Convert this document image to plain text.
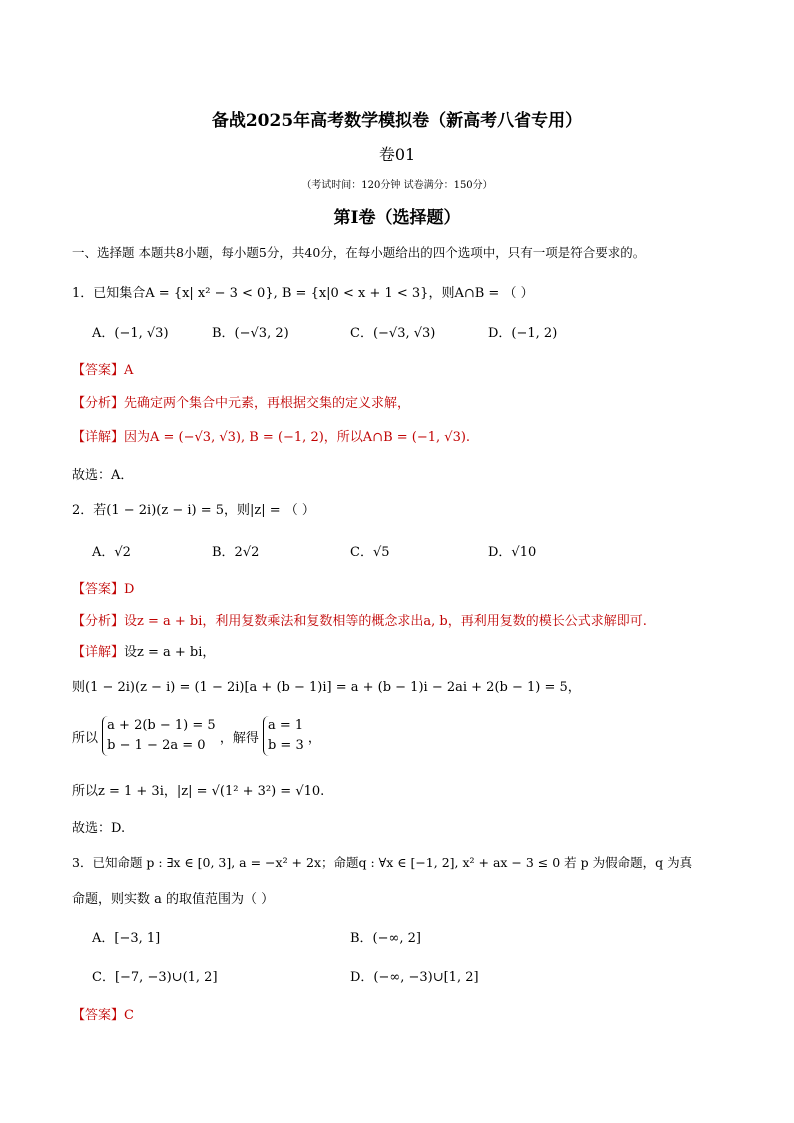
备战2025年高考数学模拟卷（新高考八省专用）
卷01
（考试时间：120分钟 试卷满分：150分）
第I卷（选择题）
一、选择题 本题共8小题，每小题5分，共40分，在每小题给出的四个选项中，只有一项是符合要求的。
1．已知集合A = {x| x² − 3 < 0}, B = {x|0 < x + 1 < 3}，则A∩B = （ ）
A．(−1, √3)	B．(−√3, 2)	C．(−√3, √3)	D．(−1, 2)
【答案】A
【分析】先确定两个集合中元素，再根据交集的定义求解，
【详解】因为A = (−√3, √3), B = (−1, 2)，所以A∩B = (−1, √3).
故选：A．
2．若(1 − 2i)(z − i) = 5，则|z| = （ ）
A．√2	B．2√2	C．√5	D．√10
【答案】D
【分析】设z = a + bi，利用复数乘法和复数相等的概念求出a, b，再利用复数的模长公式求解即可.
【详解】设z = a + bi，
则(1 − 2i)(z − i) = (1 − 2i)[a + (b − 1)i] = a + (b − 1)i − 2ai + 2(b − 1) = 5，
所以
a + 2(b − 1) = 5
b − 1 − 2a = 0	，解得
a = 1
b = 3 ，
所以z = 1 + 3i，|z| = √(1² + 3²) = √10.
故选：D.
3．已知命题 p : ∃x ∈ [0, 3], a = −x² + 2x；命题q : ∀x ∈ [−1, 2], x² + ax − 3 ≤ 0 若 p 为假命题，q 为真
命题，则实数 a 的取值范围为（ ）
A．[−3, 1]	B．(−∞, 2]
C．[−7, −3)∪(1, 2]	D．(−∞, −3)∪[1, 2]
【答案】C
